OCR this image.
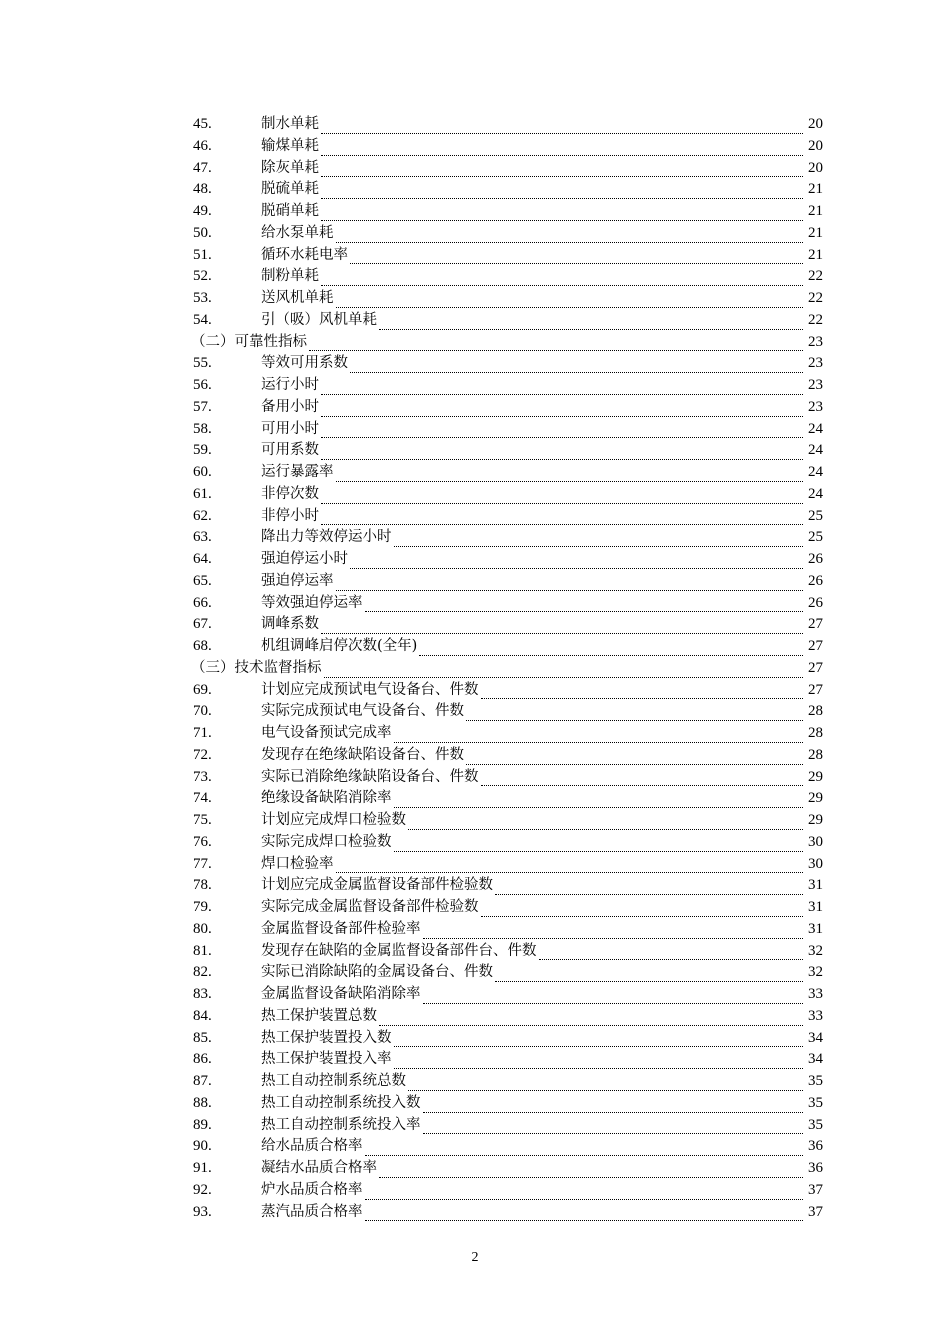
45.	制水单耗	20
46.	输煤单耗	20
47.	除灰单耗	20
48.	脱硫单耗	21
49.	脱硝单耗	21
50.	给水泵单耗	21
51.	循环水耗电率	21
52.	制粉单耗	22
53.	送风机单耗	22
54.	引（吸）风机单耗	22
（二）可靠性指标	23
55.	等效可用系数	23
56.	运行小时	23
57.	备用小时	23
58.	可用小时	24
59.	可用系数	24
60.	运行暴露率	24
61.	非停次数	24
62.	非停小时	25
63.	降出力等效停运小时	25
64.	强迫停运小时	26
65.	强迫停运率	26
66.	等效强迫停运率	26
67.	调峰系数	27
68.	机组调峰启停次数(全年)	27
（三）技术监督指标	27
69.	计划应完成预试电气设备台、件数	27
70.	实际完成预试电气设备台、件数	28
71.	电气设备预试完成率	28
72.	发现存在绝缘缺陷设备台、件数	28
73.	实际已消除绝缘缺陷设备台、件数	29
74.	绝缘设备缺陷消除率	29
75.	计划应完成焊口检验数	29
76.	实际完成焊口检验数	30
77.	焊口检验率	30
78.	计划应完成金属监督设备部件检验数	31
79.	实际完成金属监督设备部件检验数	31
80.	金属监督设备部件检验率	31
81.	发现存在缺陷的金属监督设备部件台、件数	32
82.	实际已消除缺陷的金属设备台、件数	32
83.	金属监督设备缺陷消除率	33
84.	热工保护装置总数	33
85.	热工保护装置投入数	34
86.	热工保护装置投入率	34
87.	热工自动控制系统总数	35
88.	热工自动控制系统投入数	35
89.	热工自动控制系统投入率	35
90.	给水品质合格率	36
91.	凝结水品质合格率	36
92.	炉水品质合格率	37
93.	蒸汽品质合格率	37
2
